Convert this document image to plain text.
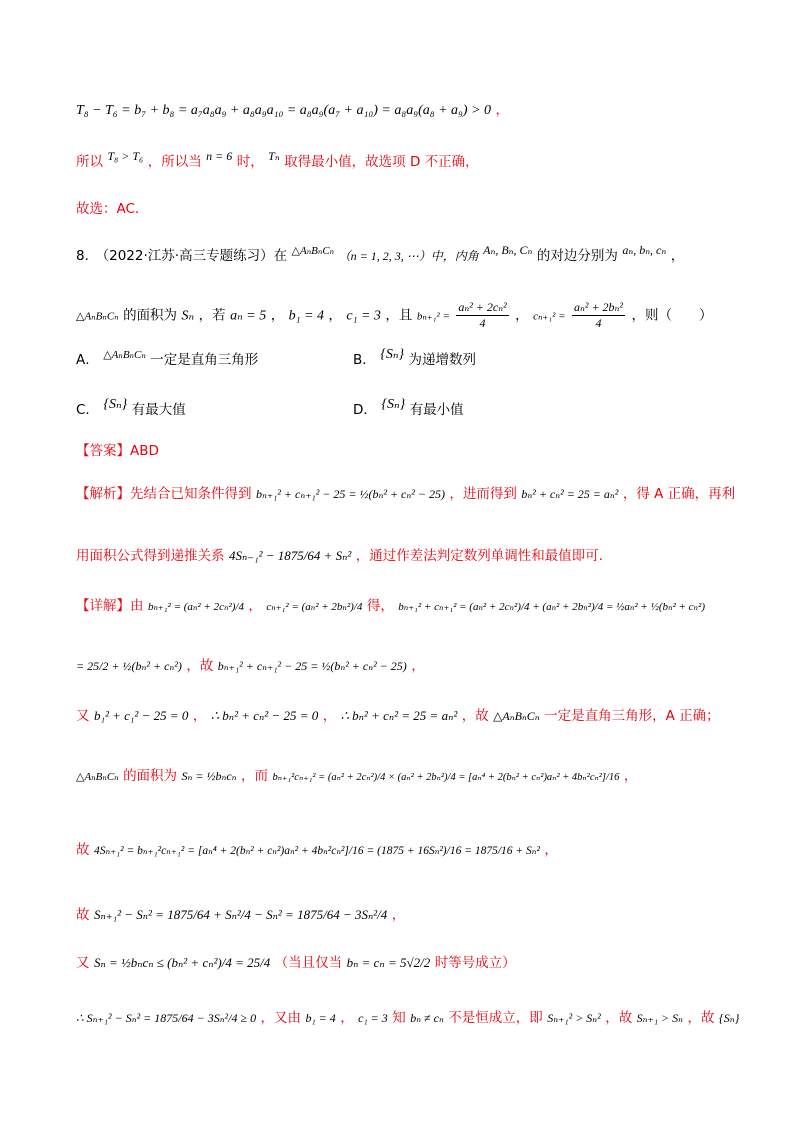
T₈ − T₆ = b₇ + b₈ = a₇a₈a₉ + a₈a₉a₁₀ = a₈a₉(a₇ + a₁₀) = a₈a₉(a₈ + a₉) > 0 ，
所以 T₈ > T₆ ，所以当 n = 6 时， Tₙ 取得最小值，故选项 D 不正确，
故选：AC.
8.　（2022·江苏·高三专题练习）在 $^{\triangle A_nB_nC_n}$ （n = 1, 2, 3, ⋯）中，内角 Aₙ, Bₙ, Cₙ 的对边分别为 aₙ, bₙ, cₙ ，
△AₙBₙCₙ 的面积为 Sₙ ，若 aₙ = 5 ， b₁ = 4 ， c₁ = 3 ，且 $b_{n+1}^2 = \frac{\text{aₙ² + 2cₙ²}}{4}$ ， $c_{n+1}^2 = \frac{\text{aₙ² + 2bₙ²}}{4}$ ，则（　　）
A． $^{\triangle A_nB_nC_n}$ 一定是直角三角形	B． {Sₙ} 为递增数列
C． {Sₙ} 有最大值	D． {Sₙ} 有最小值
【答案】ABD
【解析】先结合已知条件得到 bₙ₊₁² + cₙ₊₁² − 25 = ½(bₙ² + cₙ² − 25) ，进而得到 bₙ² + cₙ² = 25 = aₙ² ，得 A 正确，再利
用面积公式得到递推关系 4Sₙ₋₁² − 1875/64 + Sₙ² ，通过作差法判定数列单调性和最值即可.
【详解】由 bₙ₊₁² = (aₙ² + 2cₙ²)/4 ， cₙ₊₁² = (aₙ² + 2bₙ²)/4 得， bₙ₊₁² + cₙ₊₁² = (aₙ² + 2cₙ²)/4 + (aₙ² + 2bₙ²)/4 = ½aₙ² + ½(bₙ² + cₙ²)
= 25/2 + ½(bₙ² + cₙ²) ，故 bₙ₊₁² + cₙ₊₁² − 25 = ½(bₙ² + cₙ² − 25) ，
又 b₁² + c₁² − 25 = 0 ， ∴ bₙ² + cₙ² − 25 = 0 ， ∴ bₙ² + cₙ² = 25 = aₙ² ，故 △AₙBₙCₙ 一定是直角三角形，A 正确；
△AₙBₙCₙ 的面积为 Sₙ = ½bₙcₙ ，而 bₙ₊₁²cₙ₊₁² = (aₙ² + 2cₙ²)/4 × (aₙ² + 2bₙ²)/4 = [aₙ⁴ + 2(bₙ² + cₙ²)aₙ² + 4bₙ²cₙ²]/16 ，
故 4Sₙ₊₁² = bₙ₊₁²cₙ₊₁² = [aₙ⁴ + 2(bₙ² + cₙ²)aₙ² + 4bₙ²cₙ²]/16 = (1875 + 16Sₙ²)/16 = 1875/16 + Sₙ² ，
故 Sₙ₊₁² − Sₙ² = 1875/64 + Sₙ²/4 − Sₙ² = 1875/64 − 3Sₙ²/4 ，
又 Sₙ = ½bₙcₙ ≤ (bₙ² + cₙ²)/4 = 25/4 （当且仅当 bₙ = cₙ = 5√2/2 时等号成立）
∴ Sₙ₊₁² − Sₙ² = 1875/64 − 3Sₙ²/4 ≥ 0 ，又由 b₁ = 4 ， c₁ = 3 知 bₙ ≠ cₙ 不是恒成立，即 Sₙ₊₁² > Sₙ² ，故 Sₙ₊₁ > Sₙ ，故 {Sₙ}
